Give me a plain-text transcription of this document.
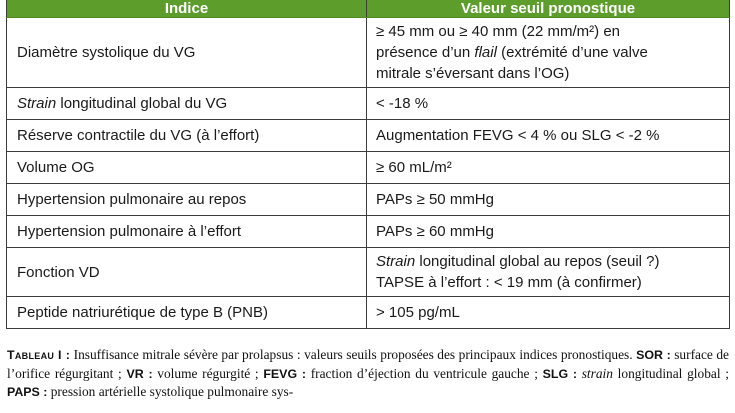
Indice	Valeur seuil pronostique
Diamètre systolique du VG	≥ 45 mm ou ≥ 40 mm (22 mm/m²) en
présence d’un flail (extrémité d’une valve
mitrale s’éversant dans l’OG)
Strain longitudinal global du VG	< -18 %
Réserve contractile du VG (à l’effort)	Augmentation FEVG < 4 % ou SLG < -2 %
Volume OG	≥ 60 mL/m²
Hypertension pulmonaire au repos	PAPs ≥ 50 mmHg
Hypertension pulmonaire à l’effort	PAPs ≥ 60 mmHg
Fonction VD	Strain longitudinal global au repos (seuil ?)
TAPSE à l’effort : < 19 mm (à confirmer)
Peptide natriurétique de type B (PNB)	> 105 pg/mL
Tableau I : Insuffisance mitrale sévère par prolapsus : valeurs seuils proposées des principaux indices pronostiques. SOR : surface de l’orifice régurgitant ; VR : volume régurgité ; FEVG : fraction d’éjection du ventricule gauche ; SLG : strain longitudinal global ; PAPS : pression artérielle systolique pulmonaire sys-
